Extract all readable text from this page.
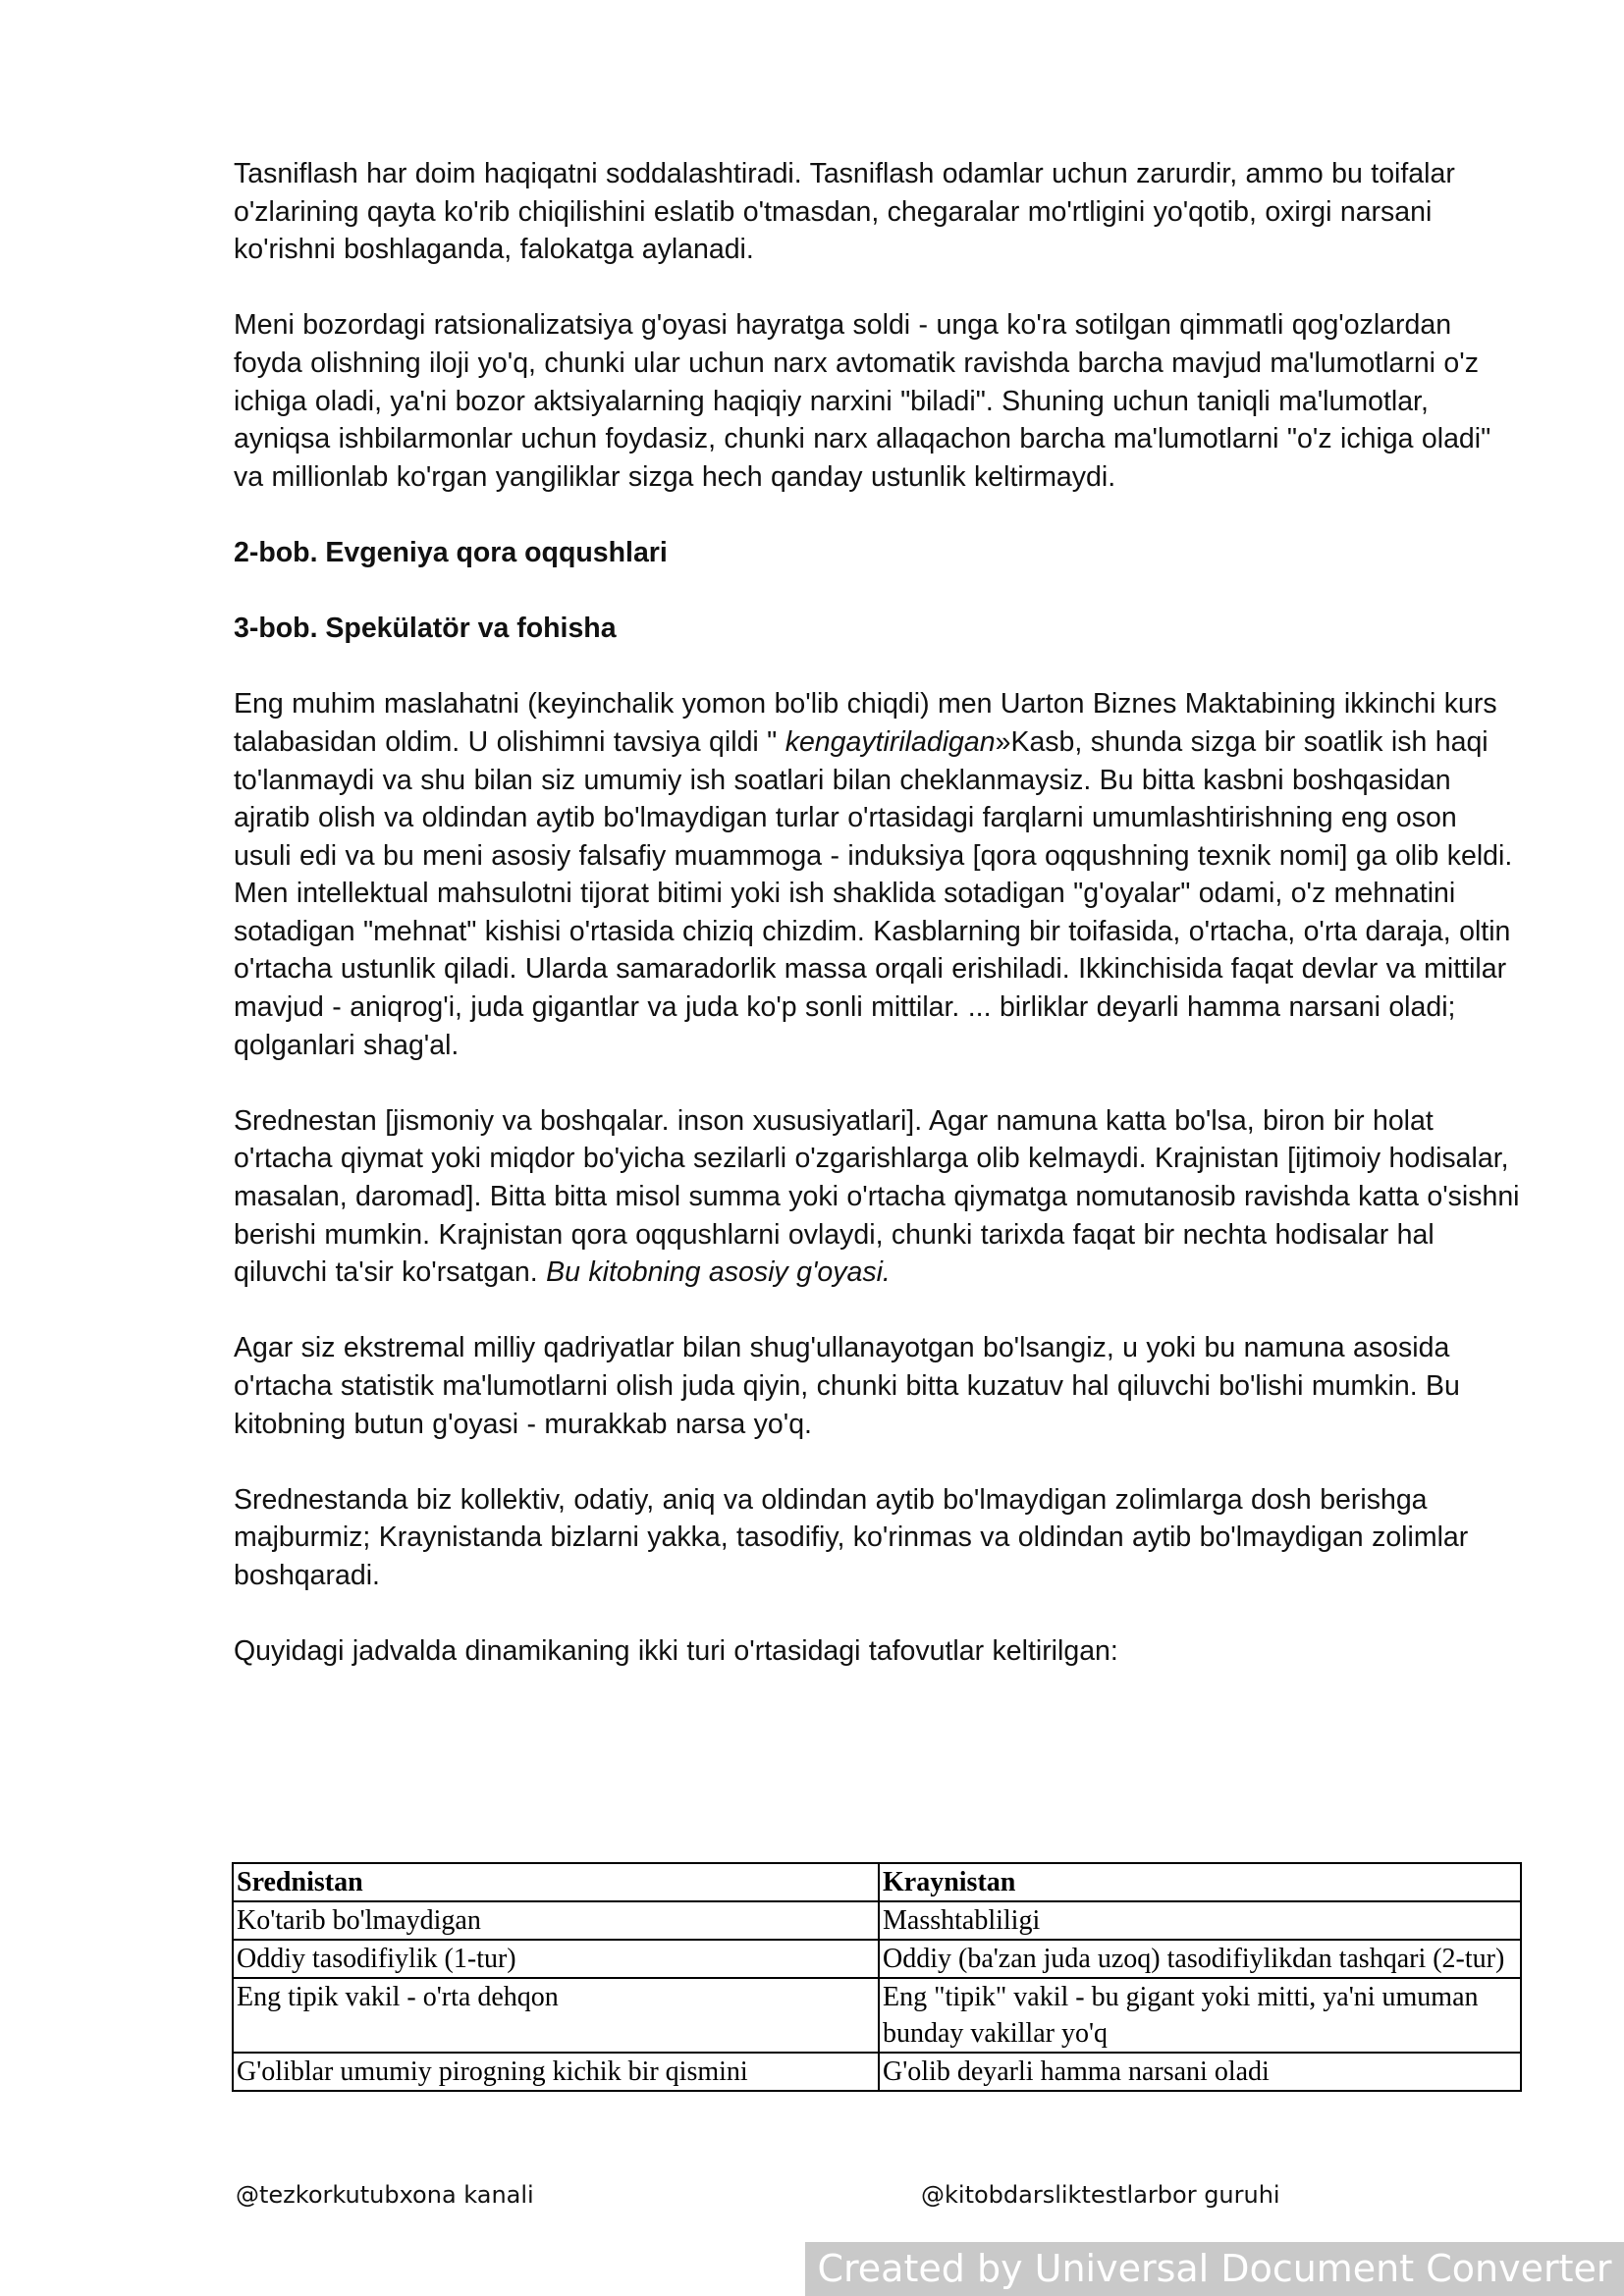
Tasniflash har doim haqiqatni soddalashtiradi. Tasniflash odamlar uchun zarurdir, ammo bu toifalar o'zlarining qayta ko'rib chiqilishini eslatib o'tmasdan, chegaralar mo'rtligini yo'qotib, oxirgi narsani ko'rishni boshlaganda, falokatga aylanadi.

Meni bozordagi ratsionalizatsiya g'oyasi hayratga soldi - unga ko'ra sotilgan qimmatli qog'ozlardan foyda olishning iloji yo'q, chunki ular uchun narx avtomatik ravishda barcha mavjud ma'lumotlarni o'z ichiga oladi, ya'ni bozor aktsiyalarning haqiqiy narxini "biladi". Shuning uchun taniqli ma'lumotlar, ayniqsa ishbilarmonlar uchun foydasiz, chunki narx allaqachon barcha ma'lumotlarni "o'z ichiga oladi" va millionlab ko'rgan yangiliklar sizga hech qanday ustunlik keltirmaydi.

2-bob. Evgeniya qora oqqushlari

3-bob. Spekülatör va fohisha

Eng muhim maslahatni (keyinchalik yomon bo'lib chiqdi) men Uarton Biznes Maktabining ikkinchi kurs talabasidan oldim. U olishimni tavsiya qildi " kengaytiriladigan»Kasb, shunda sizga bir soatlik ish haqi to'lanmaydi va shu bilan siz umumiy ish soatlari bilan cheklanmaysiz. Bu bitta kasbni boshqasidan ajratib olish va oldindan aytib bo'lmaydigan turlar o'rtasidagi farqlarni umumlashtirishning eng oson usuli edi va bu meni asosiy falsafiy muammoga - induksiya [qora oqqushning texnik nomi] ga olib keldi. Men intellektual mahsulotni tijorat bitimi yoki ish shaklida sotadigan "g'oyalar" odami, o'z mehnatini sotadigan "mehnat" kishisi o'rtasida chiziq chizdim. Kasblarning bir toifasida, o'rtacha, o'rta daraja, oltin o'rtacha ustunlik qiladi. Ularda samaradorlik massa orqali erishiladi. Ikkinchisida faqat devlar va mittilar mavjud - aniqrog'i, juda gigantlar va juda ko'p sonli mittilar. ... birliklar deyarli hamma narsani oladi; qolganlari shag'al.

Srednestan [jismoniy va boshqalar. inson xususiyatlari]. Agar namuna katta bo'lsa, biron bir holat o'rtacha qiymat yoki miqdor bo'yicha sezilarli o'zgarishlarga olib kelmaydi. Krajnistan [ijtimoiy hodisalar, masalan, daromad]. Bitta bitta misol summa yoki o'rtacha qiymatga nomutanosib ravishda katta o'sishni berishi mumkin. Krajnistan qora oqqushlarni ovlaydi, chunki tarixda faqat bir nechta hodisalar hal qiluvchi ta'sir ko'rsatgan. Bu kitobning asosiy g'oyasi.

Agar siz ekstremal milliy qadriyatlar bilan shug'ullanayotgan bo'lsangiz, u yoki bu namuna asosida o'rtacha statistik ma'lumotlarni olish juda qiyin, chunki bitta kuzatuv hal qiluvchi bo'lishi mumkin. Bu kitobning butun g'oyasi - murakkab narsa yo'q.

Srednestanda biz kollektiv, odatiy, aniq va oldindan aytib bo'lmaydigan zolimlarga dosh berishga majburmiz; Kraynistanda bizlarni yakka, tasodifiy, ko'rinmas va oldindan aytib bo'lmaydigan zolimlar boshqaradi.

Quyidagi jadvalda dinamikaning ikki turi o'rtasidagi tafovutlar keltirilgan:

Srednistan	Kraynistan
Ko'tarib bo'lmaydigan	Masshtabliligi
Oddiy tasodifiylik (1-tur)	Oddiy (ba'zan juda uzoq) tasodifiylikdan tashqari (2-tur)
Eng tipik vakil - o'rta dehqon	Eng "tipik" vakil - bu gigant yoki mitti, ya'ni umuman bunday vakillar yo'q
G'oliblar umumiy pirogning kichik bir qismini	G'olib deyarli hamma narsani oladi
@tezkorkutubxona kanali	@kitobdarsliktestlarbor guruhi
Created by Universal Document Converter
